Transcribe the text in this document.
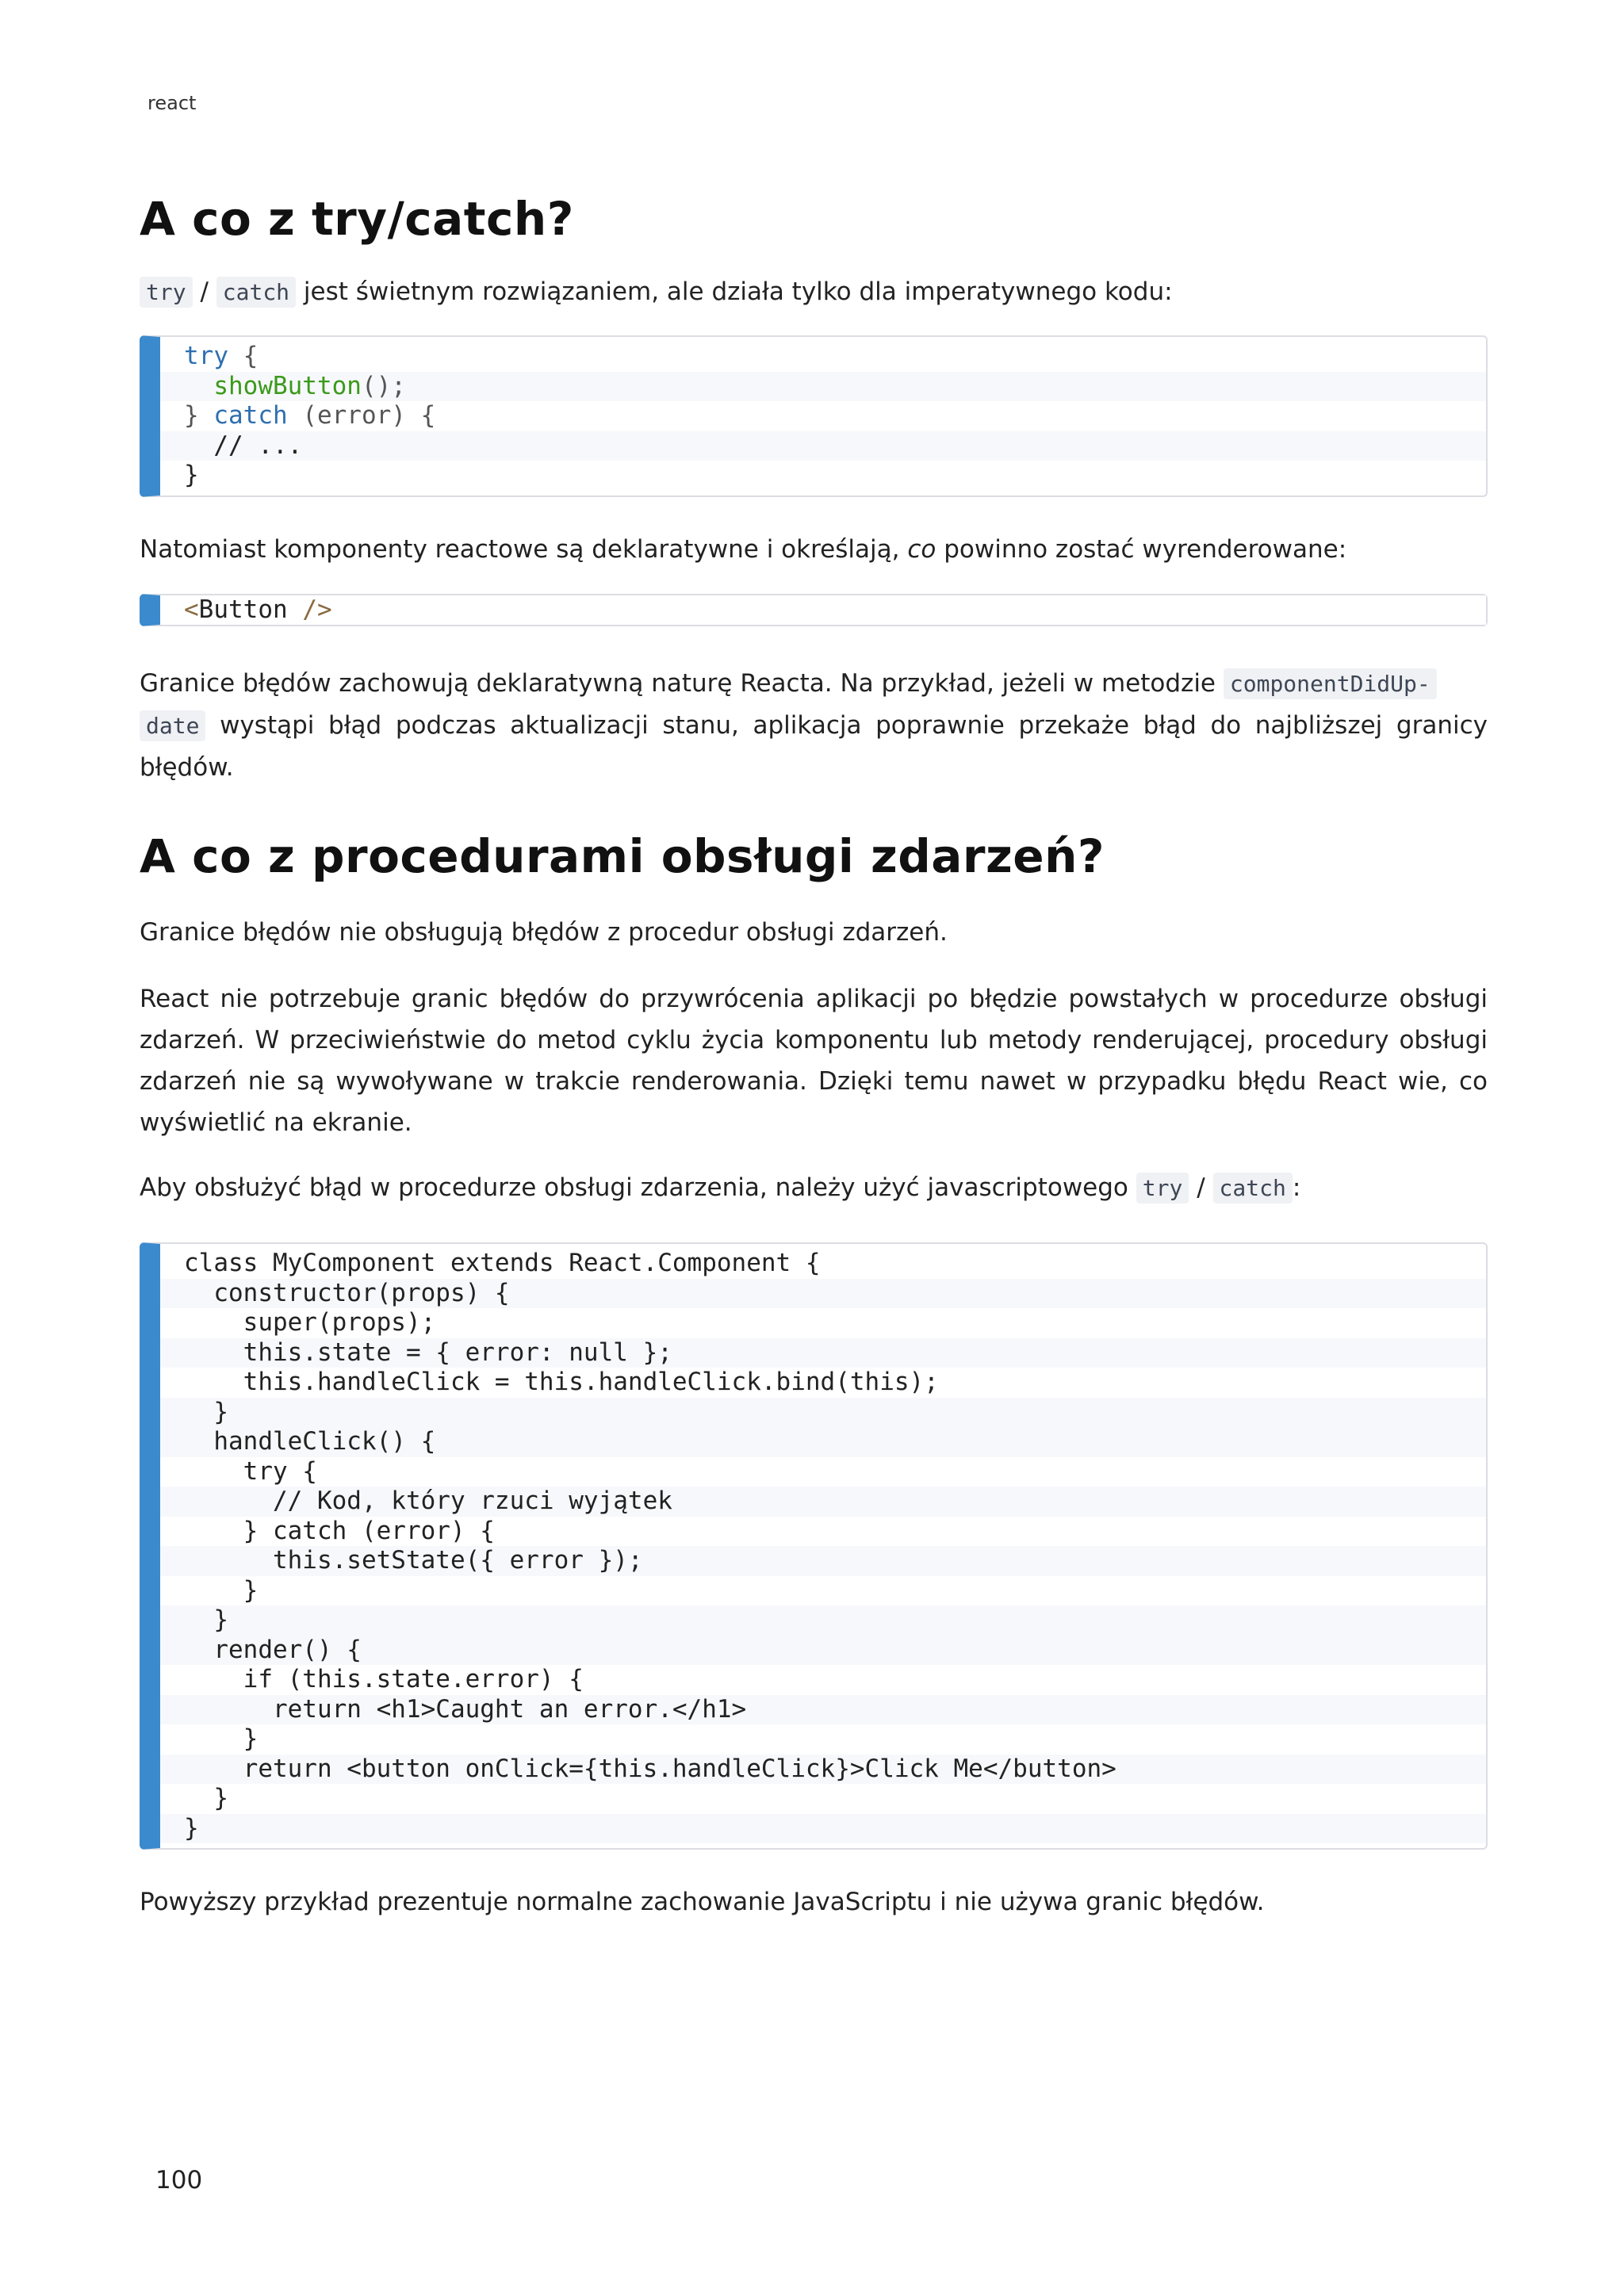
react
A co z try/catch?

try / catch jest świetnym rozwiązaniem, ale działa tylko dla imperatywnego kodu:

try {
showButton();
} catch (error) {
// ...
}

Natomiast komponenty reactowe są deklaratywne i określają, co powinno zostać wyrenderowane:

<Button />

Granice błędów zachowują deklaratywną naturę Reacta. Na przykład, jeżeli w metodzie componentDidUp-
date wystąpi błąd podczas aktualizacji stanu, aplikacja poprawnie przekaże błąd do najbliższej granicy błędów.

A co z procedurami obsługi zdarzeń?

Granice błędów nie obsługują błędów z procedur obsługi zdarzeń.

React nie potrzebuje granic błędów do przywrócenia aplikacji po błędzie powstałych w procedurze obsługi zdarzeń. W przeciwieństwie do metod cyklu życia komponentu lub metody renderującej, procedury obsługi zdarzeń nie są wywoływane w trakcie renderowania. Dzięki temu nawet w przypadku błędu React wie, co wyświetlić na ekranie.

Aby obsłużyć błąd w procedurze obsługi zdarzenia, należy użyć javascriptowego try / catch :

class MyComponent extends React.Component {
constructor(props) {
super(props);
this.state = { error: null };
this.handleClick = this.handleClick.bind(this);
}
handleClick() {
try {
// Kod, który rzuci wyjątek
} catch (error) {
this.setState({ error });
}
}
render() {
if (this.state.error) {
return <h1>Caught an error.</h1>
}
return <button onClick={this.handleClick}>Click Me</button>
}
}

Powyższy przykład prezentuje normalne zachowanie JavaScriptu i nie używa granic błędów.

100
